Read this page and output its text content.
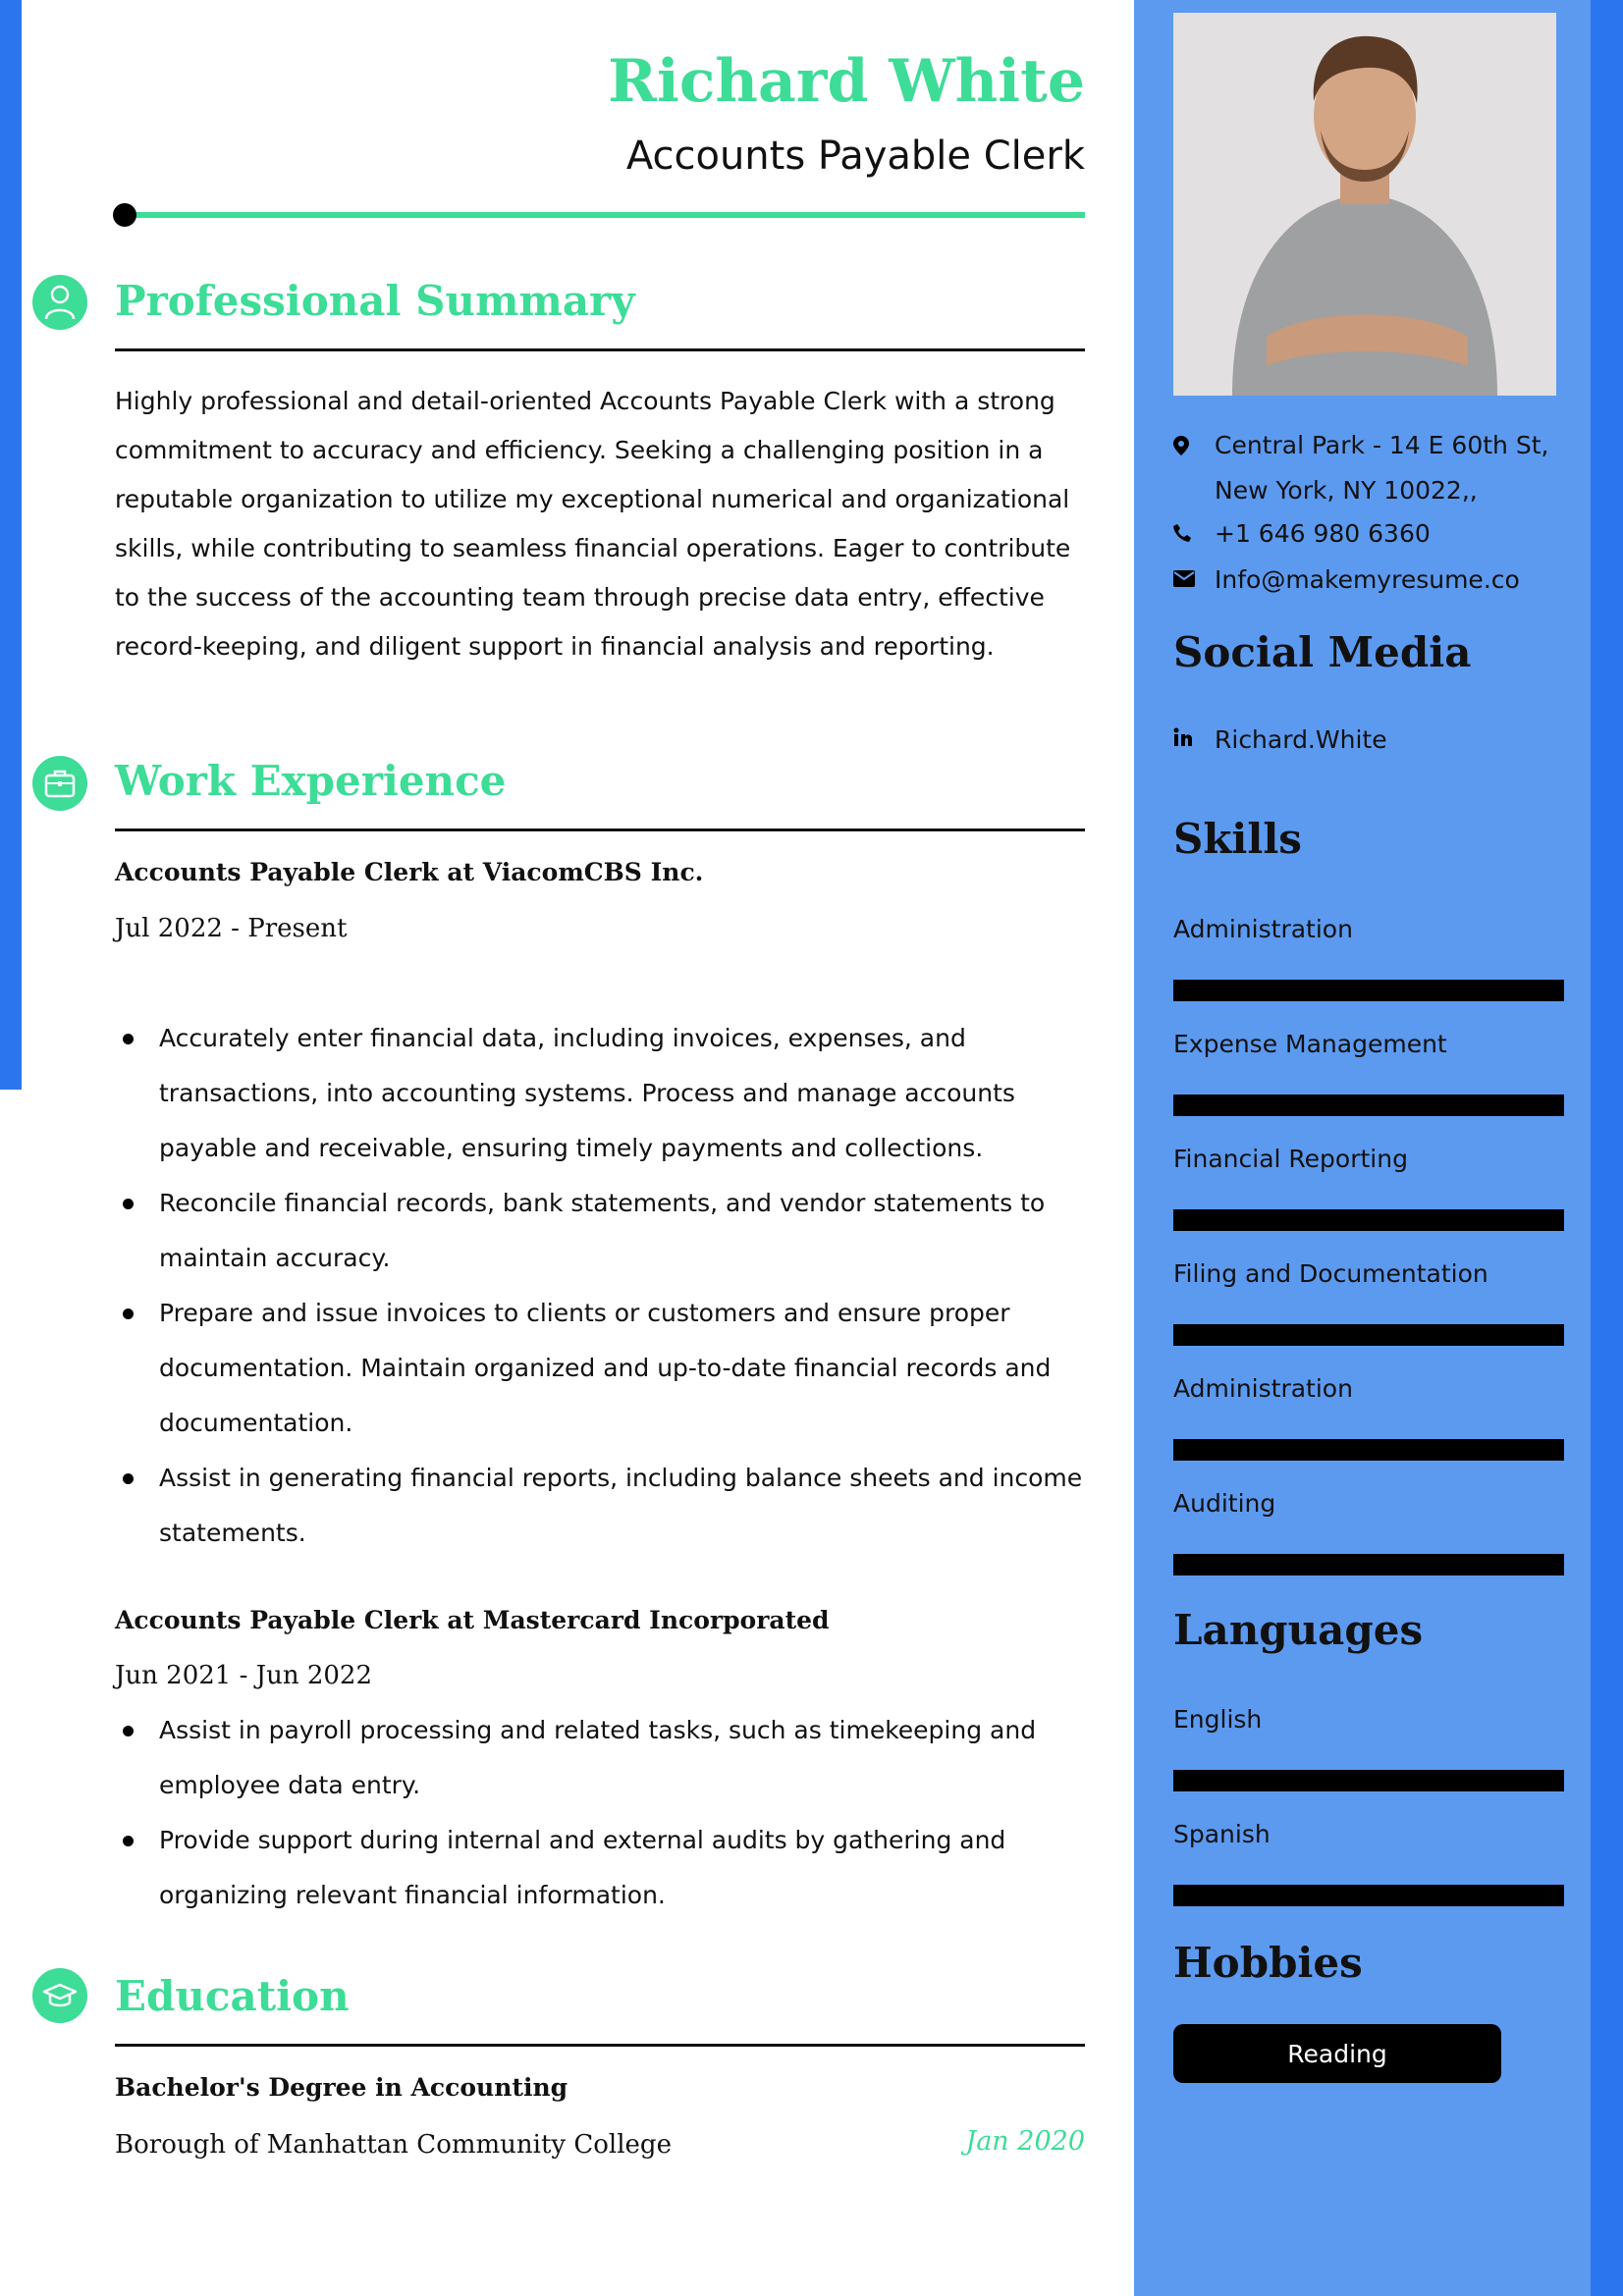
Richard White
Accounts Payable Clerk
Professional Summary

Highly professional and detail-oriented Accounts Payable Clerk with a strong commitment to accuracy and efficiency. Seeking a challenging position in a reputable organization to utilize my exceptional numerical and organizational skills, while contributing to seamless financial operations. Eager to contribute to the success of the accounting team through precise data entry, effective record-keeping, and diligent support in financial analysis and reporting.

Work Experience
Accounts Payable Clerk at ViacomCBS Inc.
Jul 2022 - Present
Accurately enter financial data, including invoices, expenses, and transactions, into accounting systems. Process and manage accounts payable and receivable, ensuring timely payments and collections.
Reconcile financial records, bank statements, and vendor statements to maintain accuracy.
Prepare and issue invoices to clients or customers and ensure proper documentation. Maintain organized and up-to-date financial records and documentation.
Assist in generating financial reports, including balance sheets and income statements.
Accounts Payable Clerk at Mastercard Incorporated
Jun 2021 - Jun 2022
Assist in payroll processing and related tasks, such as timekeeping and employee data entry.
Provide support during internal and external audits by gathering and organizing relevant financial information.
Education
Bachelor's Degree in Accounting
Borough of Manhattan Community College	Jan 2020
Central Park - 14 E 60th St,
New York, NY 10022,,
+1 646 980 6360
Info@makemyresume.co
Social Media
Richard.White
Skills
Administration
Expense Management
Financial Reporting
Filing and Documentation
Administration
Auditing
Languages
English
Spanish
Hobbies
Reading
